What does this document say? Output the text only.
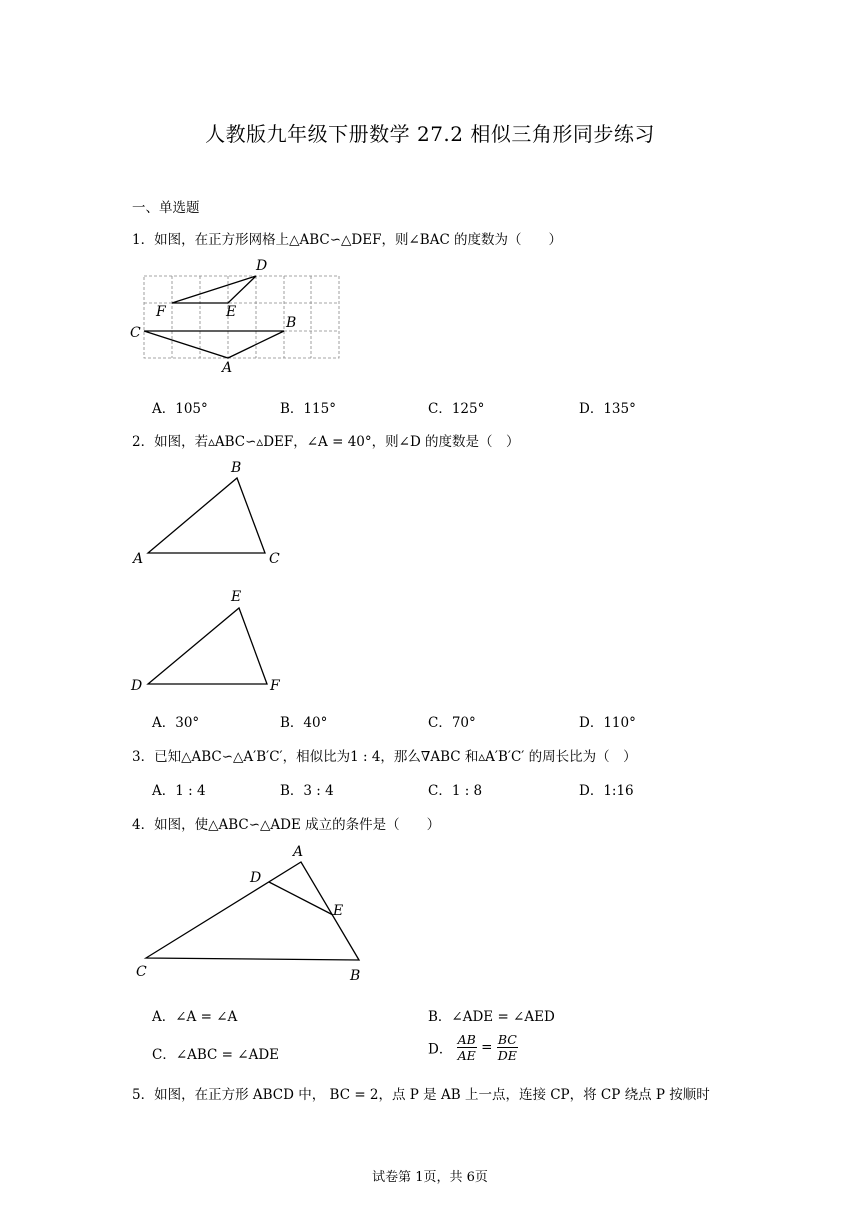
人教版九年级下册数学 27.2 相似三角形同步练习
一、单选题
1．如图，在正方形网格上△ABC∽△DEF，则∠BAC 的度数为（　　）
D
E
F
C
B
A
A．105°	B．115°	C．125°	D．135°
2．如图，若▵ABC∽▵DEF，∠A = 40°，则∠D 的度数是（　）
A
B
C
D
E
F
A．30°	B．40°	C．70°	D．110°
3．已知△ABC∽△A′B′C′，相似比为1 : 4，那么∇ABC 和▵A′B′C′ 的周长比为（　）
A．1 : 4	B．3 : 4	C．1 : 8	D．1:16
4．如图，使△ABC∽△ADE 成立的条件是（　　）
A
D
E
C	B
A．∠A = ∠A	B．∠ADE = ∠AED
C．∠ABC = ∠ADE	D． $\frac{AB}{AE} = \frac{BC}{DE}$
5．如图，在正方形 ABCD 中， BC = 2，点 P 是 AB 上一点，连接 CP，将 CP 绕点 P 按顺时
试卷第 1页，共 6页
